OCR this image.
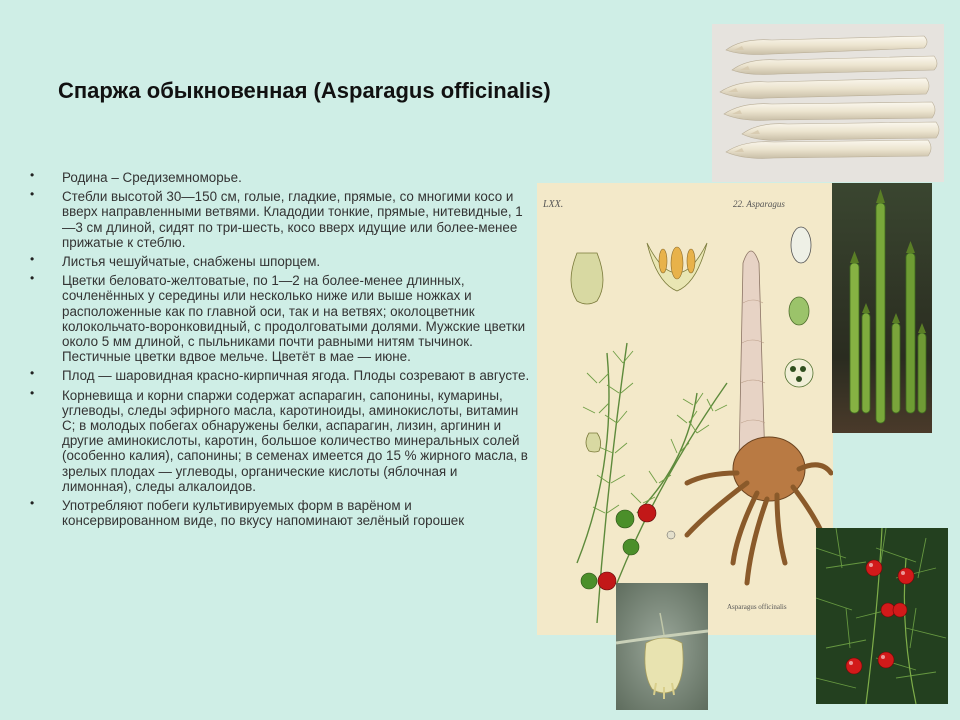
Спаржа обыкновенная (Asparagus officinalis)
• Родина – Средиземноморье.
• Стебли высотой 30—150 см, голые, гладкие, прямые, со многими косо и вверх направленными ветвями. Кладодии тонкие, прямые, нитевидные, 1—3 см длиной, сидят по три-шесть, косо вверх идущие или более-менее прижатые к стеблю.
• Листья чешуйчатые, снабжены шпорцем.
• Цветки беловато-желтоватые, по 1—2 на более-менее длинных, сочленённых у середины или несколько ниже или выше ножках и расположенные как по главной оси, так и на ветвях; околоцветник колокольчато-воронковидный, с продолговатыми долями. Мужские цветки около 5 мм длиной, с пыльниками почти равными нитям тычинок. Пестичные цветки вдвое мельче. Цветёт в мае — июне.
• Плод — шаровидная красно-кирпичная ягода. Плоды созревают в августе.
• Корневища и корни спаржи содержат аспарагин, сапонины, кумарины, углеводы, следы эфирного масла, каротиноиды, аминокислоты, витамин С; в молодых побегах обнаружены белки, аспарагин, лизин, аргинин и другие аминокислоты, каротин, большое количество минеральных солей (особенно калия), сапонины; в семенах имеется до 15 % жирного масла, в зрелых плодах — углеводы, органические кислоты (яблочная и лимонная), следы алкалоидов.
• Употребляют побеги культивируемых форм в варёном и консервированном виде, по вкусу напоминают зелёный горошек
LXX.	22. Asparagus
Asparagus officinalis
